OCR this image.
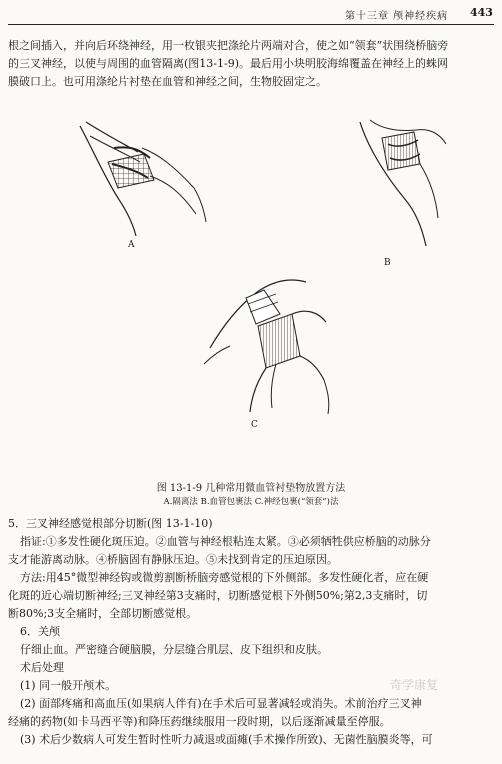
第十三章 颅神经疾病 443
根之间插入，并向后环绕神经，用一枚银夹把涤纶片两端对合，使之如“领套”状围绕桥脑旁
的三叉神经，以使与周围的血管隔离(图13-1-9)。最后用小块明胶海绵覆盖在神经上的蛛网
膜破口上。也可用涤纶片衬垫在血管和神经之间，生物胶固定之。
A
B
C
图 13-1-9 几种常用微血管衬垫物放置方法
A.隔离法 B.血管包裹法 C.神经包裹(“领套”)法
5．三叉神经感觉根部分切断(图 13-1-10)
指证:①多发性硬化斑压迫。②血管与神经根粘连太紧。③必须牺牲供应桥脑的动脉分
支才能游离动脉。④桥脑固有静脉压迫。⑤未找到肯定的压迫原因。
方法:用45°微型神经钩或微剪割断桥脑旁感觉根的下外侧部。多发性硬化者，应在硬
化斑的近心端切断神经;三叉神经第3支痛时，切断感觉根下外侧50%;第2,3支痛时，切
断80%;3支全痛时，全部切断感觉根。
6．关颅
仔细止血。严密缝合硬脑膜，分层缝合肌层、皮下组织和皮肤。
术后处理
(1) 同一般开颅术。
(2) 面部疼痛和高血压(如果病人伴有)在手术后可显著减轻或消失。术前治疗三叉神
经痛的药物(如卡马西平等)和降压药继续服用一段时期，以后逐渐减量至停服。
(3) 术后少数病人可发生暂时性听力减退或面瘫(手术操作所致)、无菌性脑膜炎等，可
奇学康复
